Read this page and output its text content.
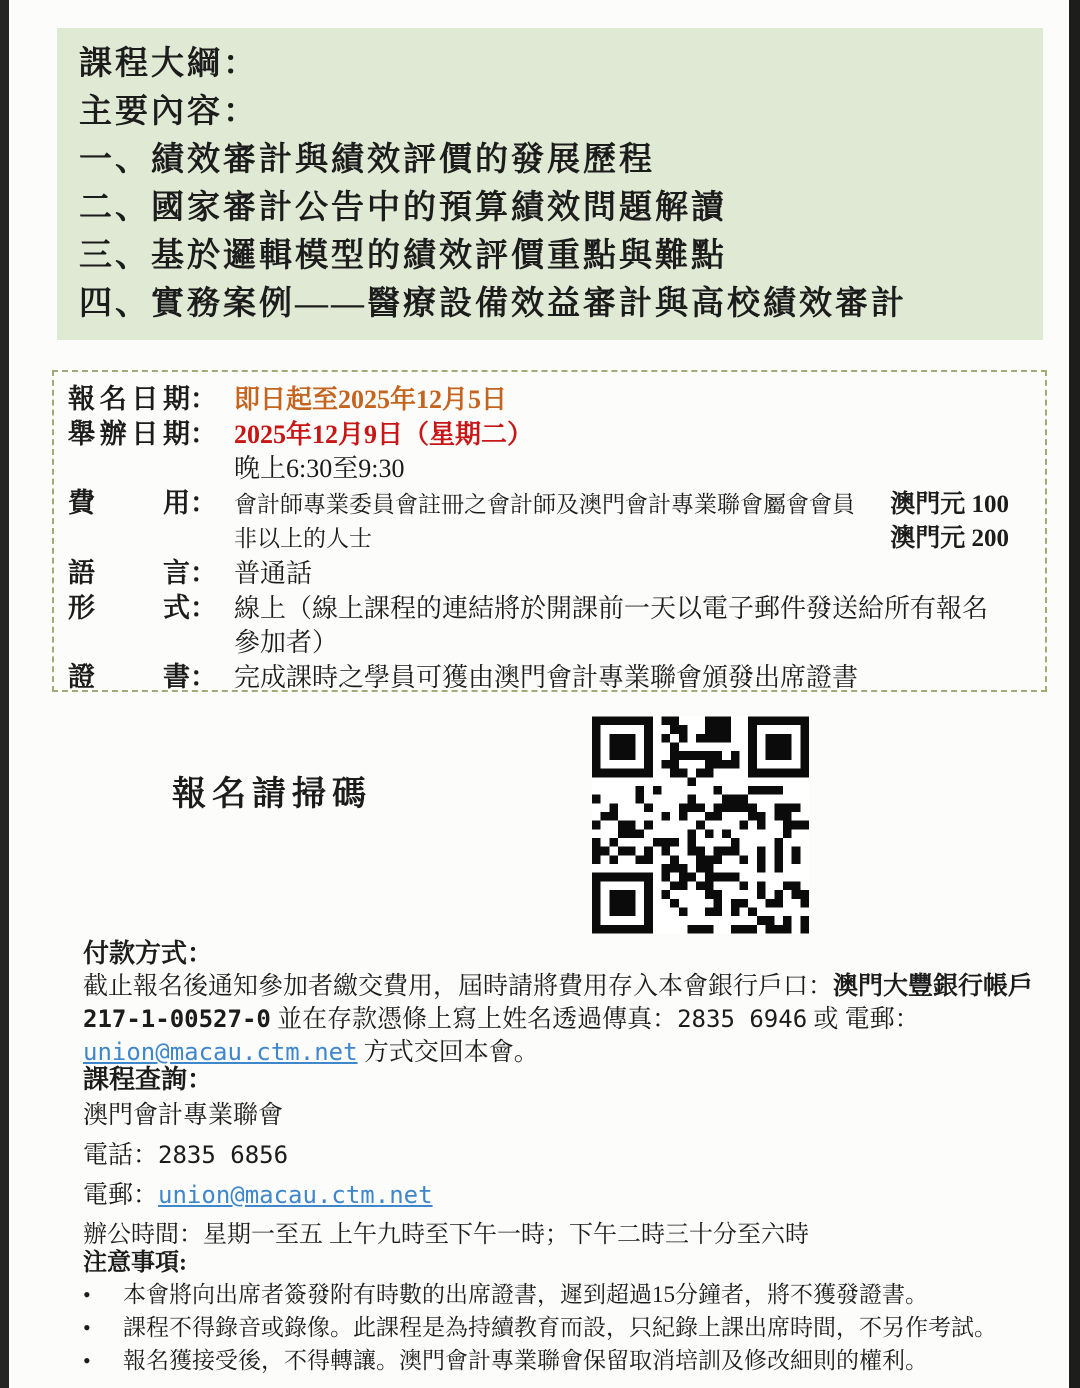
課程大綱：
主要內容：
一、績效審計與績效評價的發展歷程
二、國家審計公告中的預算績效問題解讀
三、基於邏輯模型的績效評價重點與難點
四、實務案例——醫療設備效益審計與高校績效審計
報名日期 ： 即日起至2025年12月5日
舉辦日期 ： 2025年12月9日（星期二）
晚上6:30至9:30
費用 ： 會計師專業委員會註冊之會計師及澳門會計專業聯會屬會會員 澳門元 100
非以上的人士	澳門元 200
語言 ： 普通話
形式 ： 線上（線上課程的連結將於開課前一天以電子郵件發送給所有報名
參加者）
證書 ： 完成課時之學員可獲由澳門會計專業聯會頒發出席證書
報名請掃碼
付款方式：
截止報名後通知參加者繳交費用，屆時請將費用存入本會銀行戶口：澳門大豐銀行帳戶
217-1-00527-0 並在存款憑條上寫上姓名透過傳真：2835 6946 或 電郵：
union@macau.ctm.net 方式交回本會。
課程查詢：
澳門會計專業聯會
電話：2835 6856
電郵：union@macau.ctm.net
辦公時間：星期一至五 上午九時至下午一時；下午二時三十分至六時
注意事項:
•	本會將向出席者簽發附有時數的出席證書，遲到超過15分鐘者，將不獲發證書。
•	課程不得錄音或錄像。此課程是為持續教育而設，只紀錄上課出席時間，不另作考試。
•	報名獲接受後，不得轉讓。澳門會計專業聯會保留取消培訓及修改細則的權利。
